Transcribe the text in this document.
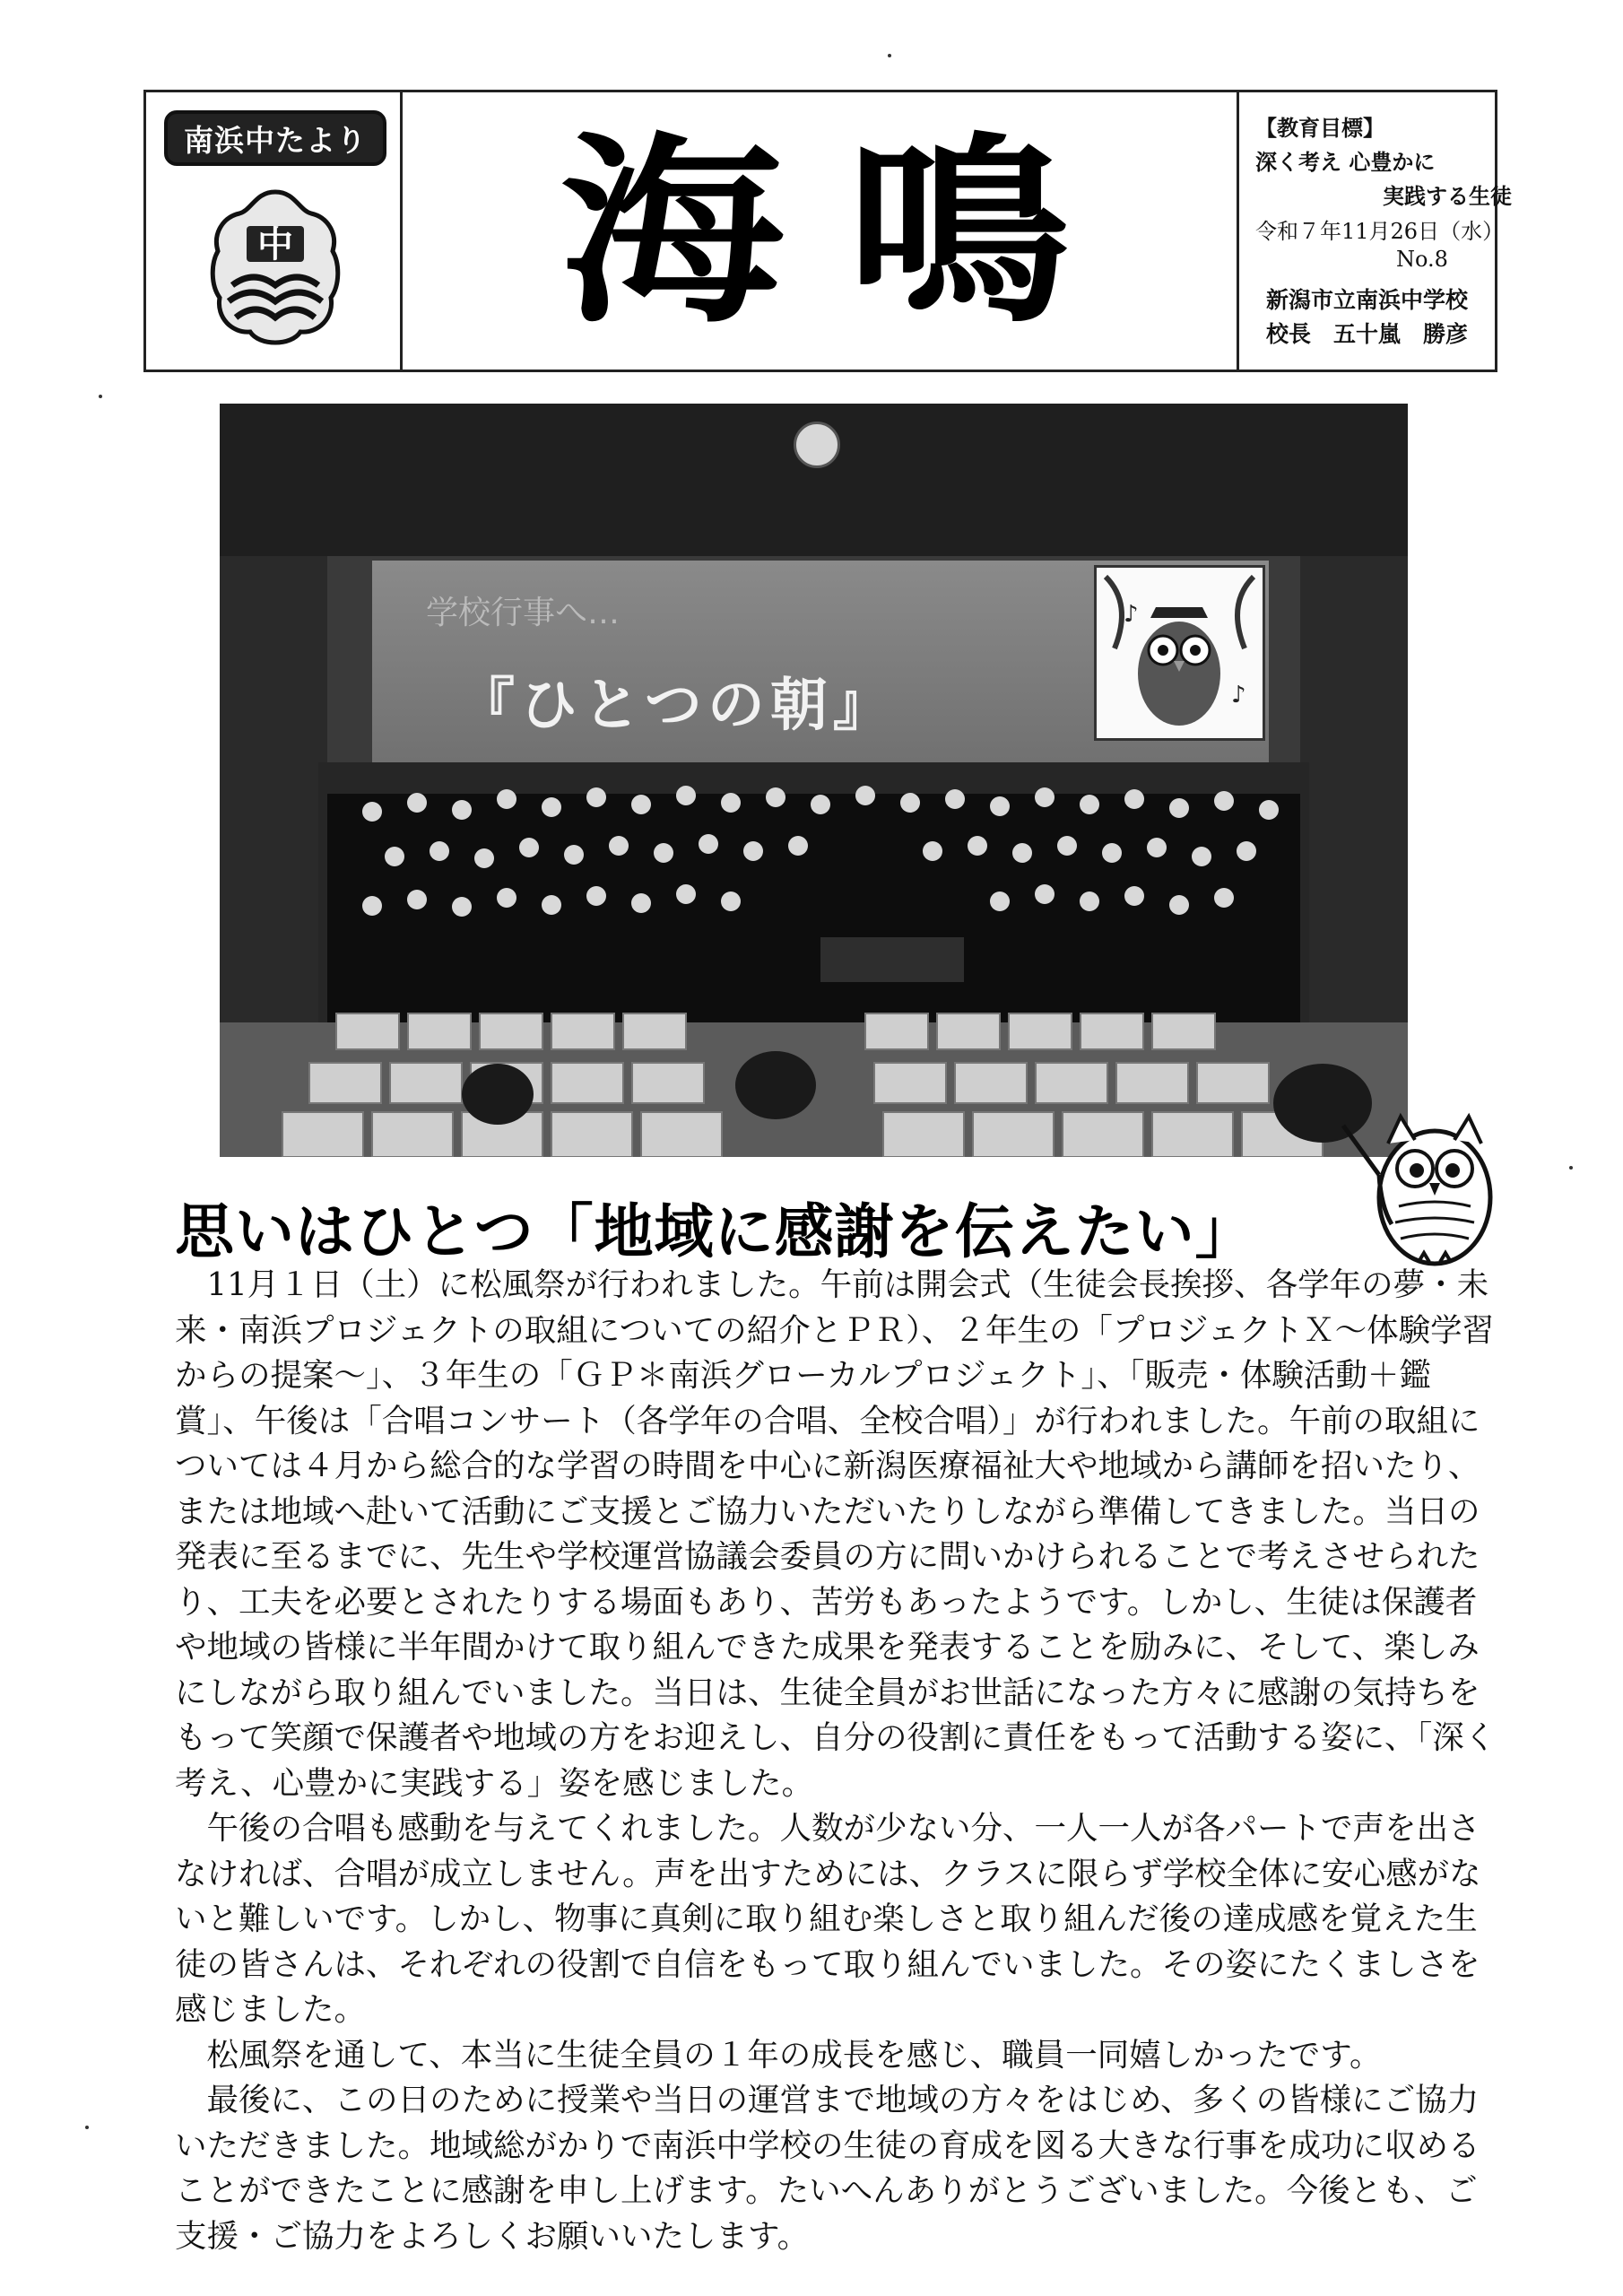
南浜中たより
中 海鳴	【教育目標】
深く考え 心豊かに
実践する生徒
令和７年11月26日（水）
No.8
新潟市立南浜中学校
校長　五十嵐　勝彦
学校行事へ…
『ひとつの朝』
♪
♪
思いはひとつ「地域に感謝を伝えたい」

11月１日（土）に松風祭が行われました。午前は開会式（生徒会長挨拶、各学年の夢・未来・南浜プロジェクトの取組についての紹介とＰＲ）、２年生の「プロジェクトＸ～体験学習からの提案～」、３年生の「ＧＰ＊南浜グローカルプロジェクト」、「販売・体験活動＋鑑賞」、午後は「合唱コンサート（各学年の合唱、全校合唱）」が行われました。午前の取組については４月から総合的な学習の時間を中心に新潟医療福祉大や地域から講師を招いたり、または地域へ赴いて活動にご支援とご協力いただいたりしながら準備してきました。当日の発表に至るまでに、先生や学校運営協議会委員の方に問いかけられることで考えさせられたり、工夫を必要とされたりする場面もあり、苦労もあったようです。しかし、生徒は保護者や地域の皆様に半年間かけて取り組んできた成果を発表することを励みに、そして、楽しみにしながら取り組んでいました。当日は、生徒全員がお世話になった方々に感謝の気持ちをもって笑顔で保護者や地域の方をお迎えし、自分の役割に責任をもって活動する姿に、「深く考え、心豊かに実践する」姿を感じました。

午後の合唱も感動を与えてくれました。人数が少ない分、一人一人が各パートで声を出さなければ、合唱が成立しません。声を出すためには、クラスに限らず学校全体に安心感がないと難しいです。しかし、物事に真剣に取り組む楽しさと取り組んだ後の達成感を覚えた生徒の皆さんは、それぞれの役割で自信をもって取り組んでいました。その姿にたくましさを感じました。

松風祭を通して、本当に生徒全員の１年の成長を感じ、職員一同嬉しかったです。

最後に、この日のために授業や当日の運営まで地域の方々をはじめ、多くの皆様にご協力いただきました。地域総がかりで南浜中学校の生徒の育成を図る大きな行事を成功に収めることができたことに感謝を申し上げます。たいへんありがとうございました。今後とも、ご支援・ご協力をよろしくお願いいたします。
